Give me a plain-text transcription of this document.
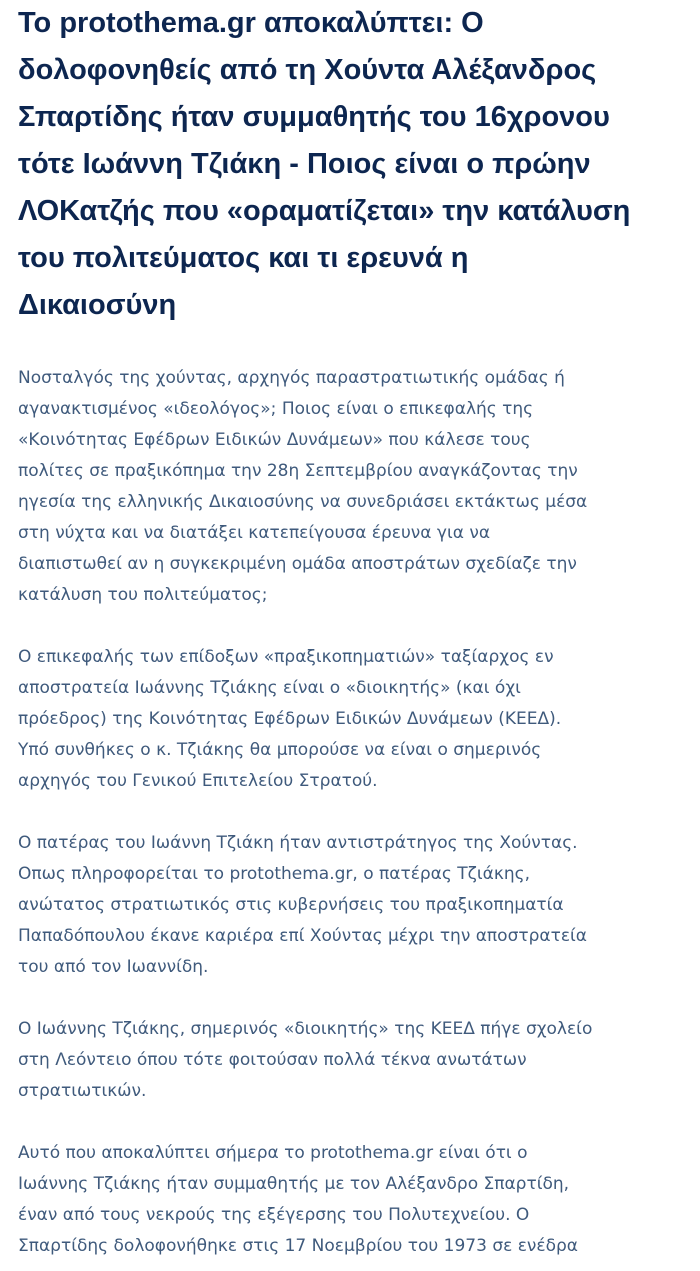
Το protothema.gr αποκαλύπτει: Ο
δολοφονηθείς από τη Χούντα Αλέξανδρος
Σπαρτίδης ήταν συμμαθητής του 16χρονου
τότε Ιωάννη Τζιάκη - Ποιος είναι ο πρώην
ΛΟΚατζής που «οραματίζεται» την κατάλυση
του πολιτεύματος και τι ερευνά η
Δικαιοσύνη

Νοσταλγός της χούντας, αρχηγός παραστρατιωτικής ομάδας ή
αγανακτισμένος «ιδεολόγος»; Ποιος είναι ο επικεφαλής της
«Κοινότητας Εφέδρων Ειδικών Δυνάμεων» που κάλεσε τους
πολίτες σε πραξικόπημα την 28η Σεπτεμβρίου αναγκάζοντας την
ηγεσία της ελληνικής Δικαιοσύνης να συνεδριάσει εκτάκτως μέσα
στη νύχτα και να διατάξει κατεπείγουσα έρευνα για να
διαπιστωθεί αν η συγκεκριμένη ομάδα αποστράτων σχεδίαζε την
κατάλυση του πολιτεύματος;

Ο επικεφαλής των επίδοξων «πραξικοπηματιών» ταξίαρχος εν
αποστρατεία Ιωάννης Τζιάκης είναι ο «διοικητής» (και όχι
πρόεδρος) της Κοινότητας Εφέδρων Ειδικών Δυνάμεων (ΚΕΕΔ).
Υπό συνθήκες ο κ. Τζιάκης θα μπορούσε να είναι ο σημερινός
αρχηγός του Γενικού Επιτελείου Στρατού.

Ο πατέρας του Ιωάννη Τζιάκη ήταν αντιστράτηγος της Χούντας.
Οπως πληροφορείται το protothema.gr, ο πατέρας Τζιάκης,
ανώτατος στρατιωτικός στις κυβερνήσεις του πραξικοπηματία
Παπαδόπουλου έκανε καριέρα επί Χούντας μέχρι την αποστρατεία
του από τον Ιωαννίδη.

Ο Ιωάννης Τζιάκης, σημερινός «διοικητής» της ΚΕΕΔ πήγε σχολείο
στη Λεόντειο όπου τότε φοιτούσαν πολλά τέκνα ανωτάτων
στρατιωτικών.

Αυτό που αποκαλύπτει σήμερα το protothema.gr είναι ότι ο
Ιωάννης Τζιάκης ήταν συμμαθητής με τον Αλέξανδρο Σπαρτίδη,
έναν από τους νεκρούς της εξέγερσης του Πολυτεχνείου. Ο
Σπαρτίδης δολοφονήθηκε στις 17 Νοεμβρίου του 1973 σε ενέδρα
